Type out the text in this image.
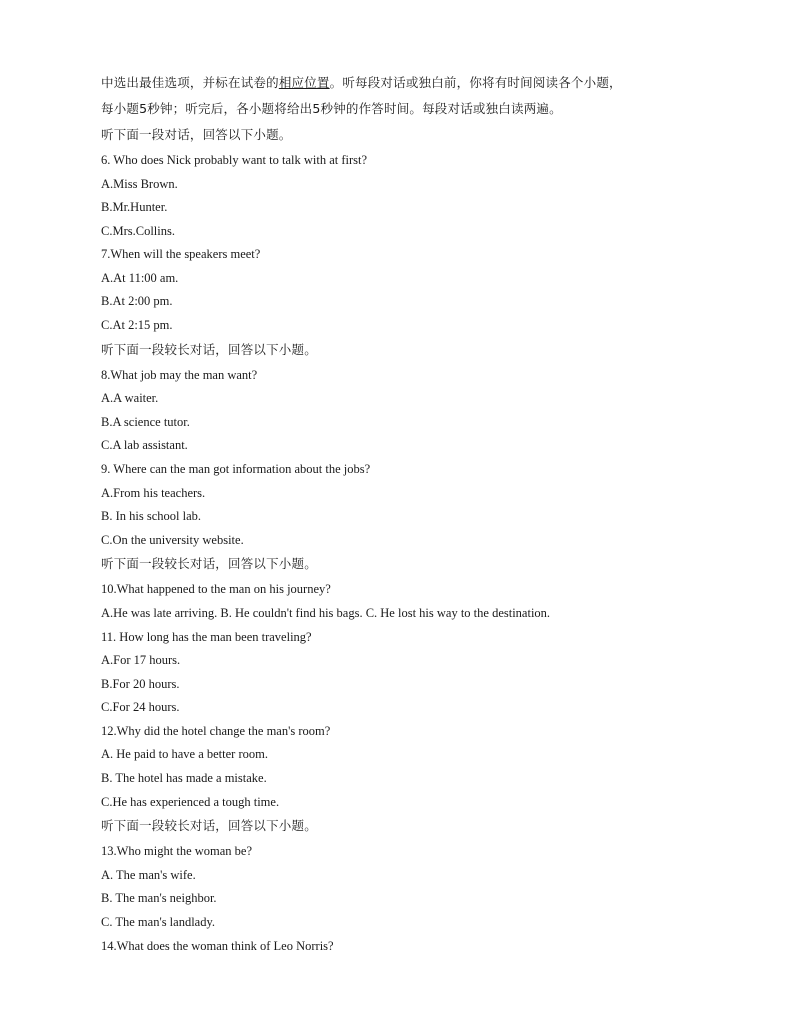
中选出最佳选项，并标在试卷的相应位置。听每段对话或独白前，你将有时间阅读各个小题，
每小题5秒钟；听完后，各小题将给出5秒钟的作答时间。每段对话或独白读两遍。
听下面一段对话，回答以下小题。
6. Who does Nick probably want to talk with at first?
A.Miss Brown.
B.Mr.Hunter.
C.Mrs.Collins.
7.When will the speakers meet?
A.At 11:00 am.
B.At 2:00 pm.
C.At 2:15 pm.
听下面一段较长对话，回答以下小题。
8.What job may the man want?
A.A waiter.
B.A science tutor.
C.A lab assistant.
9. Where can the man got information about the jobs?
A.From his teachers.
B. In his school lab.
C.On the university website.
听下面一段较长对话，回答以下小题。
10.What happened to the man on his journey?
A.He was late arriving. B. He couldn't find his bags. C. He lost his way to the destination.
11. How long has the man been traveling?
A.For 17 hours.
B.For 20 hours.
C.For 24 hours.
12.Why did the hotel change the man's room?
A. He paid to have a better room.
B. The hotel has made a mistake.
C.He has experienced a tough time.
听下面一段较长对话，回答以下小题。
13.Who might the woman be?
A. The man's wife.
B. The man's neighbor.
C. The man's landlady.
14.What does the woman think of Leo Norris?
